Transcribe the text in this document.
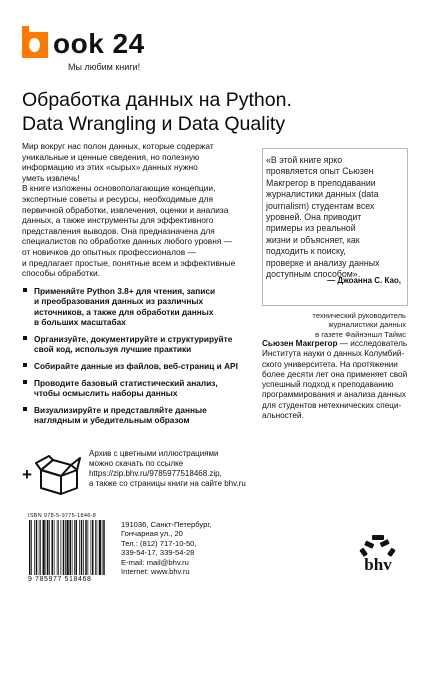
ook 24
Мы любим книги!
Обработка данных на Python.
Data Wrangling и Data Quality

Мир вокруг нас полон данных, которые содержат
уникальные и ценные сведения, но полезную
информацию из этих «сырых» данных нужно
уметь извлечь!

В книге изложены основополагающие концепции,
экспертные советы и ресурсы, необходимые для
первичной обработки, извлечения, оценки и анализа
данных, а также инструменты для эффективного
представления выводов. Она предназначена для
специалистов по обработке данных любого уровня —
от новичков до опытных профессионалов —
и предлагает простые, понятные всем и эффективные
способы обработки.

«В этой книге ярко
проявляется опыт Сьюзен
Макгрегор в преподавании
журналистики данных (data
journalism) студентам всех
уровней. Она приводит
примеры из реальной
жизни и объясняет, как
подходить к поиску,
проверке и анализу данных
доступным способом».
— Джоанна С. Као,
технический руководитель
журналистики данных
в газете Файнэншл Таймс
Применяйте Python 3.8+ для чтения, записи
и преобразования данных из различных
источников, а также для обработки данных
в больших масштабах
Организуйте, документируйте и структурируйте
свой код, используя лучшие практики
Собирайте данные из файлов, веб-страниц и API
Проводите базовый статистический анализ,
чтобы осмыслить наборы данных
Визуализируйте и представляйте данные
наглядным и убедительным образом
Сьюзен Макгрегор — исследователь
Института науки о данных Колумбий-
ского университета. На протяжении
более десяти лет она применяет свой
успешный подход к преподаванию
программирования и анализа данных
для студентов нетехнических специ-
альностей.
+
Архив с цветными иллюстрациями
можно скачать по ссылке
https://zip.bhv.ru/9785977518468.zip,
а также со страницы книги на сайте bhv.ru
ISBN 978-5-9775-1846-8
9 785977 518468
191036, Санкт-Петербург,
Гончарная ул., 20
Тел.: (812) 717-10-50,
339-54-17, 339-54-28
E-mail: mail@bhv.ru
Internet: www.bhv.ru	bhv
